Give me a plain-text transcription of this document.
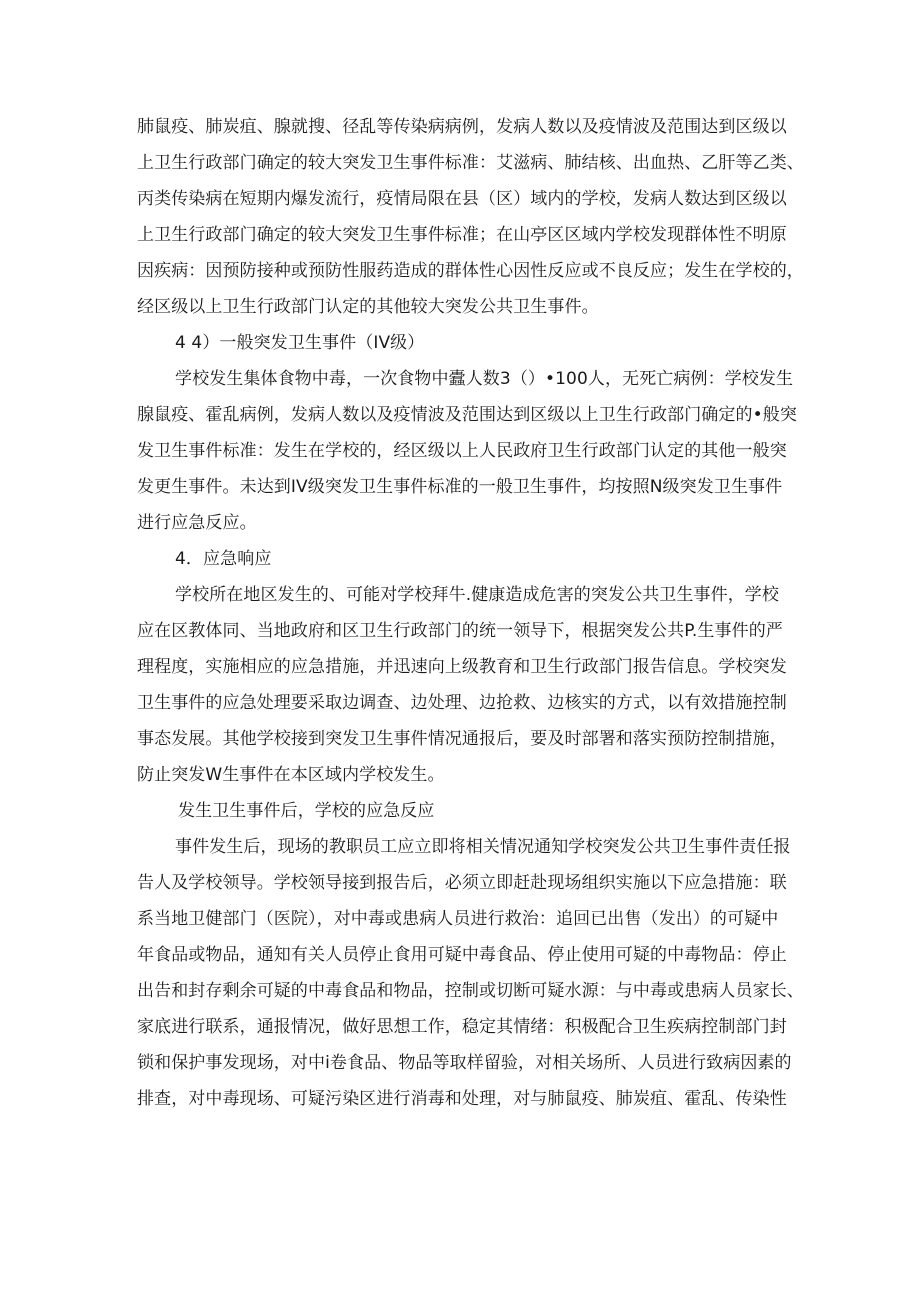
肺鼠疫、肺炭疽、腺就搜、径乱等传染病病例，发病人数以及疫情波及范围达到区级以
上卫生行政部门确定的较大突发卫生事件标准：艾滋病、肺结核、出血热、乙肝等乙类、
丙类传染病在短期内爆发流行，疫情局限在县（区）域内的学校，发病人数达到区级以
上卫生行政部门确定的较大突发卫生事件标准；在山亭区区域内学校发现群体性不明原
因疾病：因预防接种或预防性服药造成的群体性心因性反应或不良反应；发生在学校的，
经区级以上卫生行政部门认定的其他较大突发公共卫生事件。
4 4）一般突发卫生事件（IV级）
学校发生集体食物中毒，一次食物中蠹人数3（）•100人，无死亡病例：学校发生
腺鼠疫、霍乱病例，发病人数以及疫情波及范围达到区级以上卫生行政部门确定的•般突
发卫生事件标准：发生在学校的，经区级以上人民政府卫生行政部门认定的其他一般突
发更生事件。未达到IV级突发卫生事件标准的一般卫生事件，均按照N级突发卫生事件
进行应急反应。
4．应急响应
学校所在地区发生的、可能对学校拜牛.健康造成危害的突发公共卫生事件，学校
应在区教体同、当地政府和区卫生行政部门的统一领导下，根据突发公共P.生事件的严
理程度，实施相应的应急措施，并迅速向上级教育和卫生行政部门报告信息。学校突发
卫生事件的应急处理要采取边调查、边处理、边抢救、边核实的方式，以有效措施控制
事态发展。其他学校接到突发卫生事件情况通报后，要及时部署和落实预防控制措施，
防止突发W生事件在本区域内学校发生。
发生卫生事件后，学校的应急反应
事件发生后，现场的教职员工应立即将相关情况通知学校突发公共卫生事件责任报
告人及学校领导。学校领导接到报告后，必须立即赶赴现场组织实施以下应急措施：联
系当地卫健部门（医院），对中毒或患病人员进行救治：追回已出售（发出）的可疑中
年食品或物品，通知有关人员停止食用可疑中毒食品、停止使用可疑的中毒物品：停止
出告和封存剩余可疑的中毒食品和物品，控制或切断可疑水源：与中毒或患病人员家长、
家底进行联系，通报情况，做好思想工作，稳定其情绪：积极配合卫生疾病控制部门封
锁和保护事发现场，对中i卷食品、物品等取样留验，对相关场所、人员进行致病因素的
排查，对中毒现场、可疑污染区进行消毒和处理，对与肺鼠疫、肺炭疽、霍乱、传染性
